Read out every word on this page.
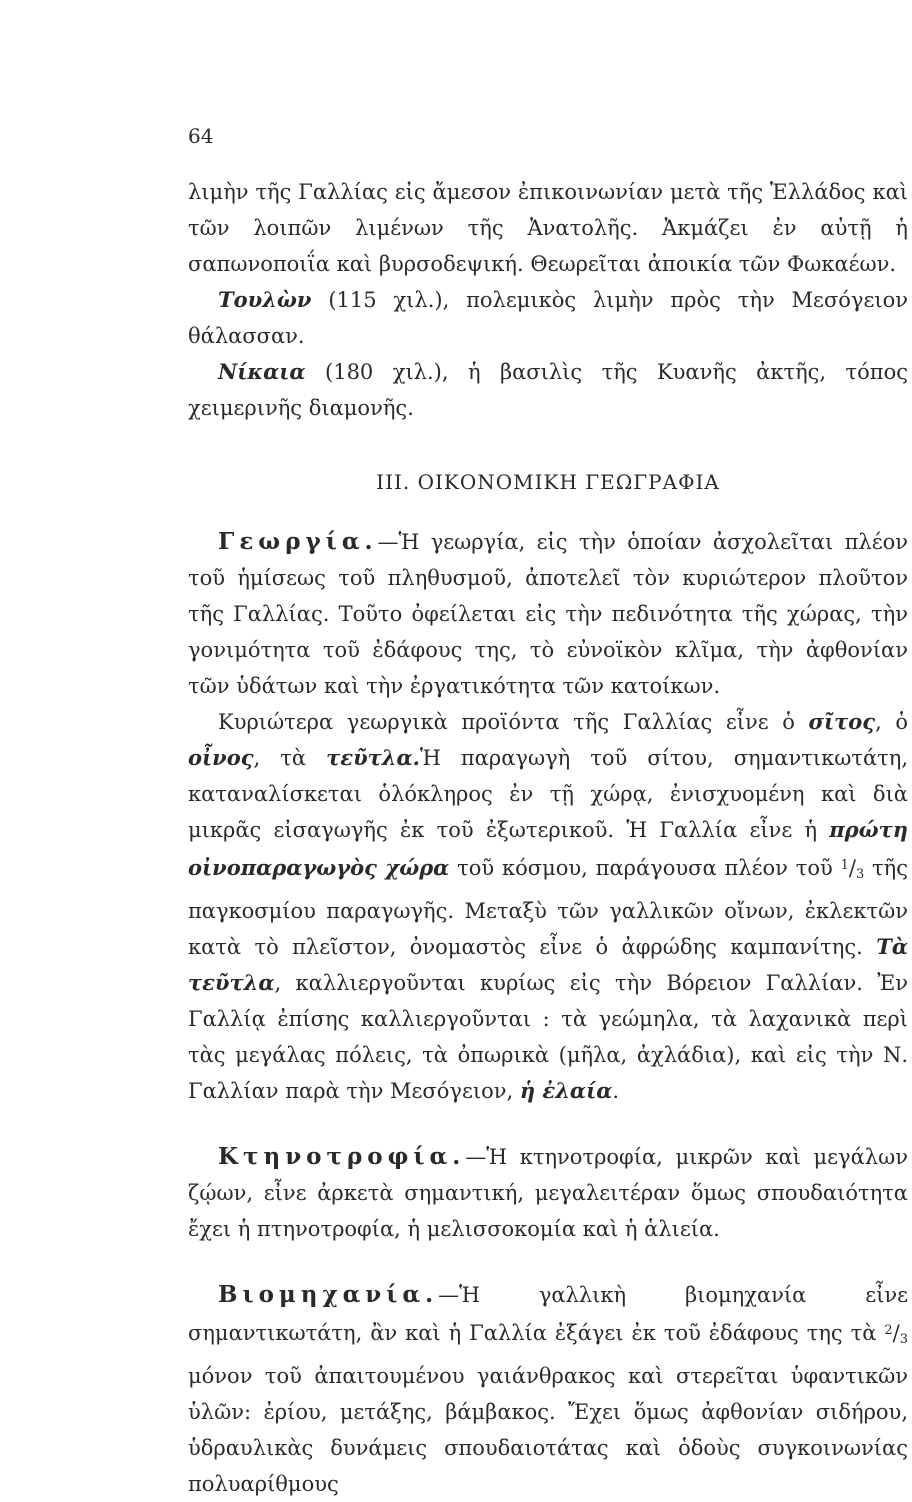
64

λιμὴν τῆς Γαλλίας εἰς ἄμεσον ἐπικοινωνίαν μετὰ τῆς Ἑλλάδος καὶ τῶν λοιπῶν λιμένων τῆς Ἀνατολῆς. Ἀκμάζει ἐν αὐτῇ ἡ σαπωνοποιΐα καὶ βυρσοδεψική. Θεωρεῖται ἀποικία τῶν Φωκαέων.

Τουλὼν (115 χιλ.), πολεμικὸς λιμὴν πρὸς τὴν Μεσόγειον θάλασσαν.

Νίκαια (180 χιλ.), ἡ βασιλὶς τῆς Κυανῆς ἀκτῆς, τόπος χειμερινῆς διαμονῆς.

III. ΟΙΚΟΝΟΜΙΚΗ ΓΕΩΓΡΑΦΙΑ

Γεωργία.—Ἡ γεωργία, εἰς τὴν ὁποίαν ἀσχολεῖται πλέον τοῦ ἡμίσεως τοῦ πληθυσμοῦ, ἀποτελεῖ τὸν κυριώτερον πλοῦτον τῆς Γαλλίας. Τοῦτο ὀφείλεται εἰς τὴν πεδινότητα τῆς χώρας, τὴν γονιμότητα τοῦ ἐδάφους της, τὸ εὐνοϊκὸν κλῖμα, τὴν ἀφθονίαν τῶν ὑδάτων καὶ τὴν ἐργατικότητα τῶν κατοίκων.

Κυριώτερα γεωργικὰ προϊόντα τῆς Γαλλίας εἶνε ὁ σῖτος, ὁ οἶνος, τὰ τεῦτλα.Ἡ παραγωγὴ τοῦ σίτου, σημαντικωτάτη, καταναλίσκεται ὁλόκληρος ἐν τῇ χώρᾳ, ἐνισχυομένη καὶ διὰ μικρᾶς εἰσαγωγῆς ἐκ τοῦ ἐξωτερικοῦ. Ἡ Γαλλία εἶνε ἡ πρώτη οἰνοπαραγωγὸς χώρα τοῦ κόσμου, παράγουσα πλέον τοῦ $^1/_3$ τῆς παγκοσμίου παραγωγῆς. Μεταξὺ τῶν γαλλικῶν οἴνων, ἐκλεκτῶν κατὰ τὸ πλεῖστον, ὀνομαστὸς εἶνε ὁ ἀφρώδης καμπανίτης. Τὰ τεῦτλα, καλλιεργοῦνται κυρίως εἰς τὴν Βόρειον Γαλλίαν. Ἐν Γαλλίᾳ ἐπίσης καλλιεργοῦνται : τὰ γεώμηλα, τὰ λαχανικὰ περὶ τὰς μεγάλας πόλεις, τὰ ὀπωρικὰ (μῆλα, ἀχλάδια), καὶ εἰς τὴν Ν. Γαλλίαν παρὰ τὴν Μεσόγειον, ἡ ἐλαία.

Κτηνοτροφία.—Ἡ κτηνοτροφία, μικρῶν καὶ μεγάλων ζῴων, εἶνε ἀρκετὰ σημαντική, μεγαλειτέραν ὅμως σπουδαιότητα ἔχει ἡ πτηνοτροφία, ἡ μελισσοκομία καὶ ἡ ἁλιεία.

Βιομηχανία.—Ἡ γαλλικὴ βιομηχανία εἶνε σημαντικωτάτη, ἂν καὶ ἡ Γαλλία ἐξάγει ἐκ τοῦ ἐδάφους της τὰ $^2/_3$ μόνον τοῦ ἀπαιτουμένου γαιάνθρακος καὶ στερεῖται ὑφαντικῶν ὑλῶν: ἐρίου, μετάξης, βάμβακος. Ἔχει ὅμως ἀφθονίαν σιδήρου, ὑδραυλικὰς δυνάμεις σπουδαιοτάτας καὶ ὁδοὺς συγκοινωνίας πολυαρίθμους
